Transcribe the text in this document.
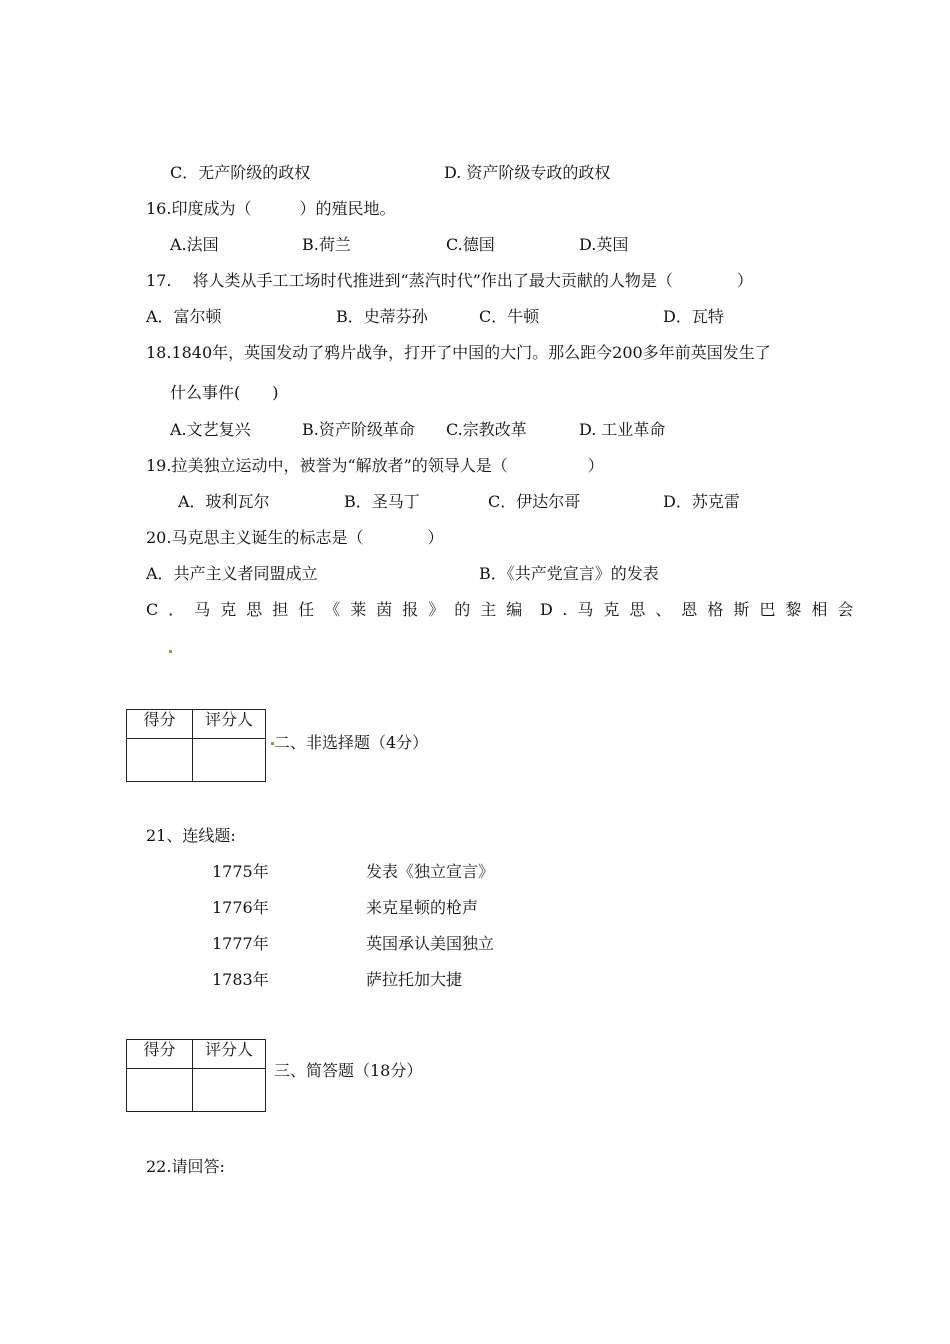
C．无产阶级的政权	D. 资产阶级专政的政权
16.印度成为（　　　）的殖民地。
A.法国	B.荷兰	C.德国	D.英国
17.　 将人类从手工工场时代推进到“蒸汽时代”作出了最大贡献的人物是（　　　　）
A．富尔顿	B．史蒂芬孙	C．牛顿	D．瓦特
18.1840年，英国发动了鸦片战争，打开了中国的大门。那么距今200多年前英国发生了
什么事件(　　)
A.文艺复兴	B.资产阶级革命 C.宗教改革	D. 工业革命
19.拉美独立运动中，被誉为“解放者”的领导人是（　　　　　）
A．玻利瓦尔	B．圣马丁	C．伊达尔哥	D．苏克雷
20.马克思主义诞生的标志是（　　　　）
A．共产主义者同盟成立	B．《共产党宣言》的发表
C．马克思担任《莱茵报》的主编 D.马克思、恩格斯巴黎相会
得分	评分人

二、非选择题（4分）
21、连线题:
1775年	发表《独立宣言》
1776年	来克星顿的枪声
1777年	英国承认美国独立
1783年	萨拉托加大捷
得分	评分人

三、简答题（18分）
22.请回答:
